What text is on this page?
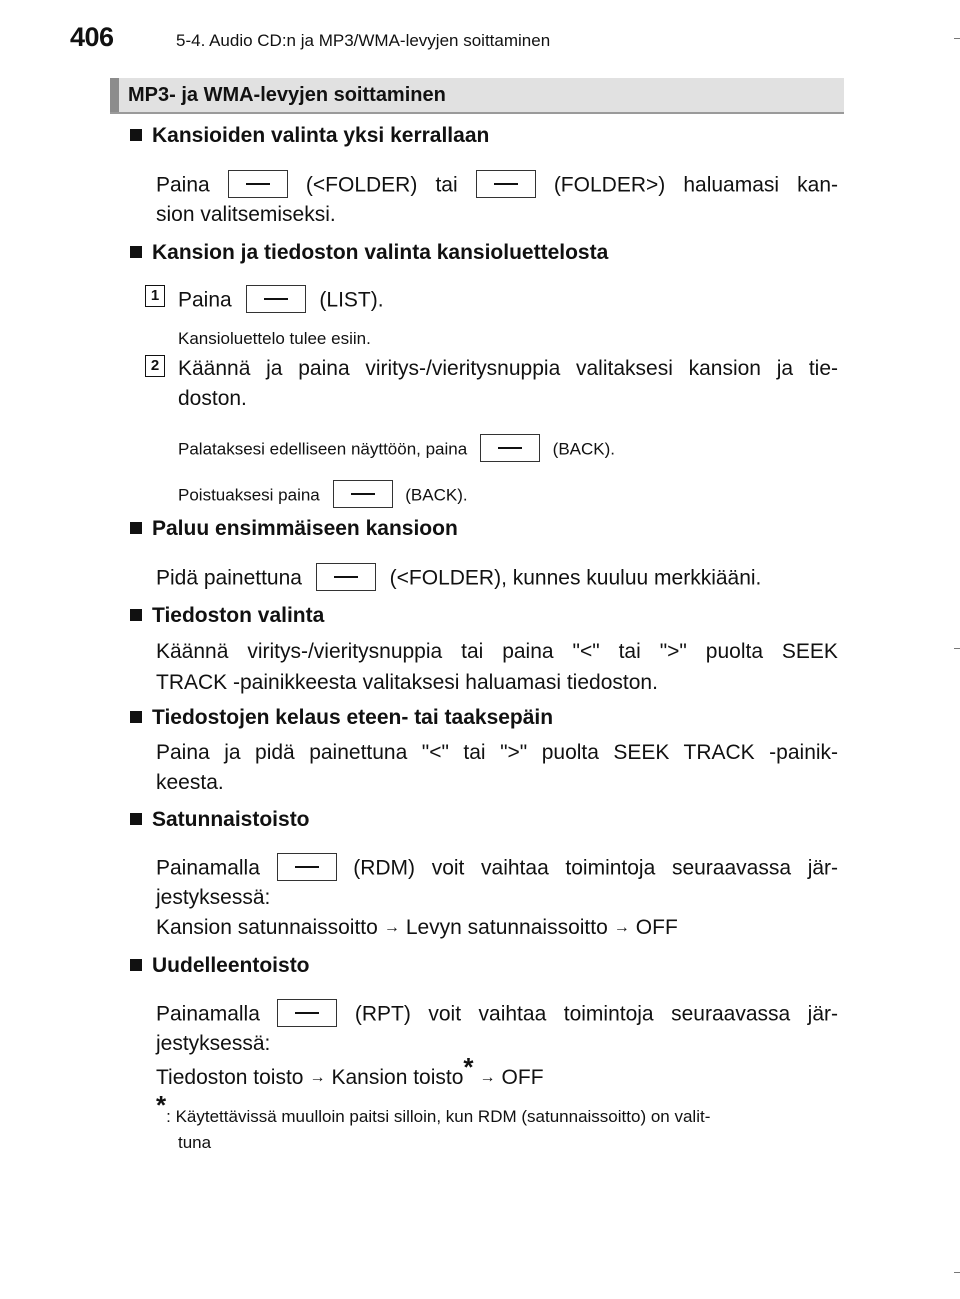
406	5-4. Audio CD:n ja MP3/WMA-levyjen soittaminen
MP3- ja WMA-levyjen soittaminen
Kansioiden valinta yksi kerrallaan
Paina	(<FOLDER) tai	(FOLDER>) haluamasi kan-
sion valitsemiseksi.
Kansion ja tiedoston valinta kansioluettelosta
1 Paina	(LIST).
Kansioluettelo tulee esiin.
2 Käännä ja paina viritys-/vieritysnuppia valitaksesi kansion ja tie-
doston.
Palataksesi edelliseen näyttöön, paina	(BACK).
Poistuaksesi paina	(BACK).
Paluu ensimmäiseen kansioon
Pidä painettuna	(<FOLDER), kunnes kuuluu merkkiääni.
Tiedoston valinta
Käännä viritys-/vieritysnuppia tai paina "<" tai ">" puolta SEEK
TRACK -painikkeesta valitaksesi haluamasi tiedoston.
Tiedostojen kelaus eteen- tai taaksepäin
Paina ja pidä painettuna "<" tai ">" puolta SEEK TRACK -painik-
keesta.
Satunnaistoisto
Painamalla	(RDM) voit vaihtaa toimintoja seuraavassa jär-
jestyksessä:
Kansion satunnaissoitto → Levyn satunnaissoitto → OFF
Uudelleentoisto
Painamalla	(RPT) voit vaihtaa toimintoja seuraavassa jär-
jestyksessä:
Tiedoston toisto → Kansion toisto* → OFF
*: Käytettävissä muulloin paitsi silloin, kun RDM (satunnaissoitto) on valit-
tuna
